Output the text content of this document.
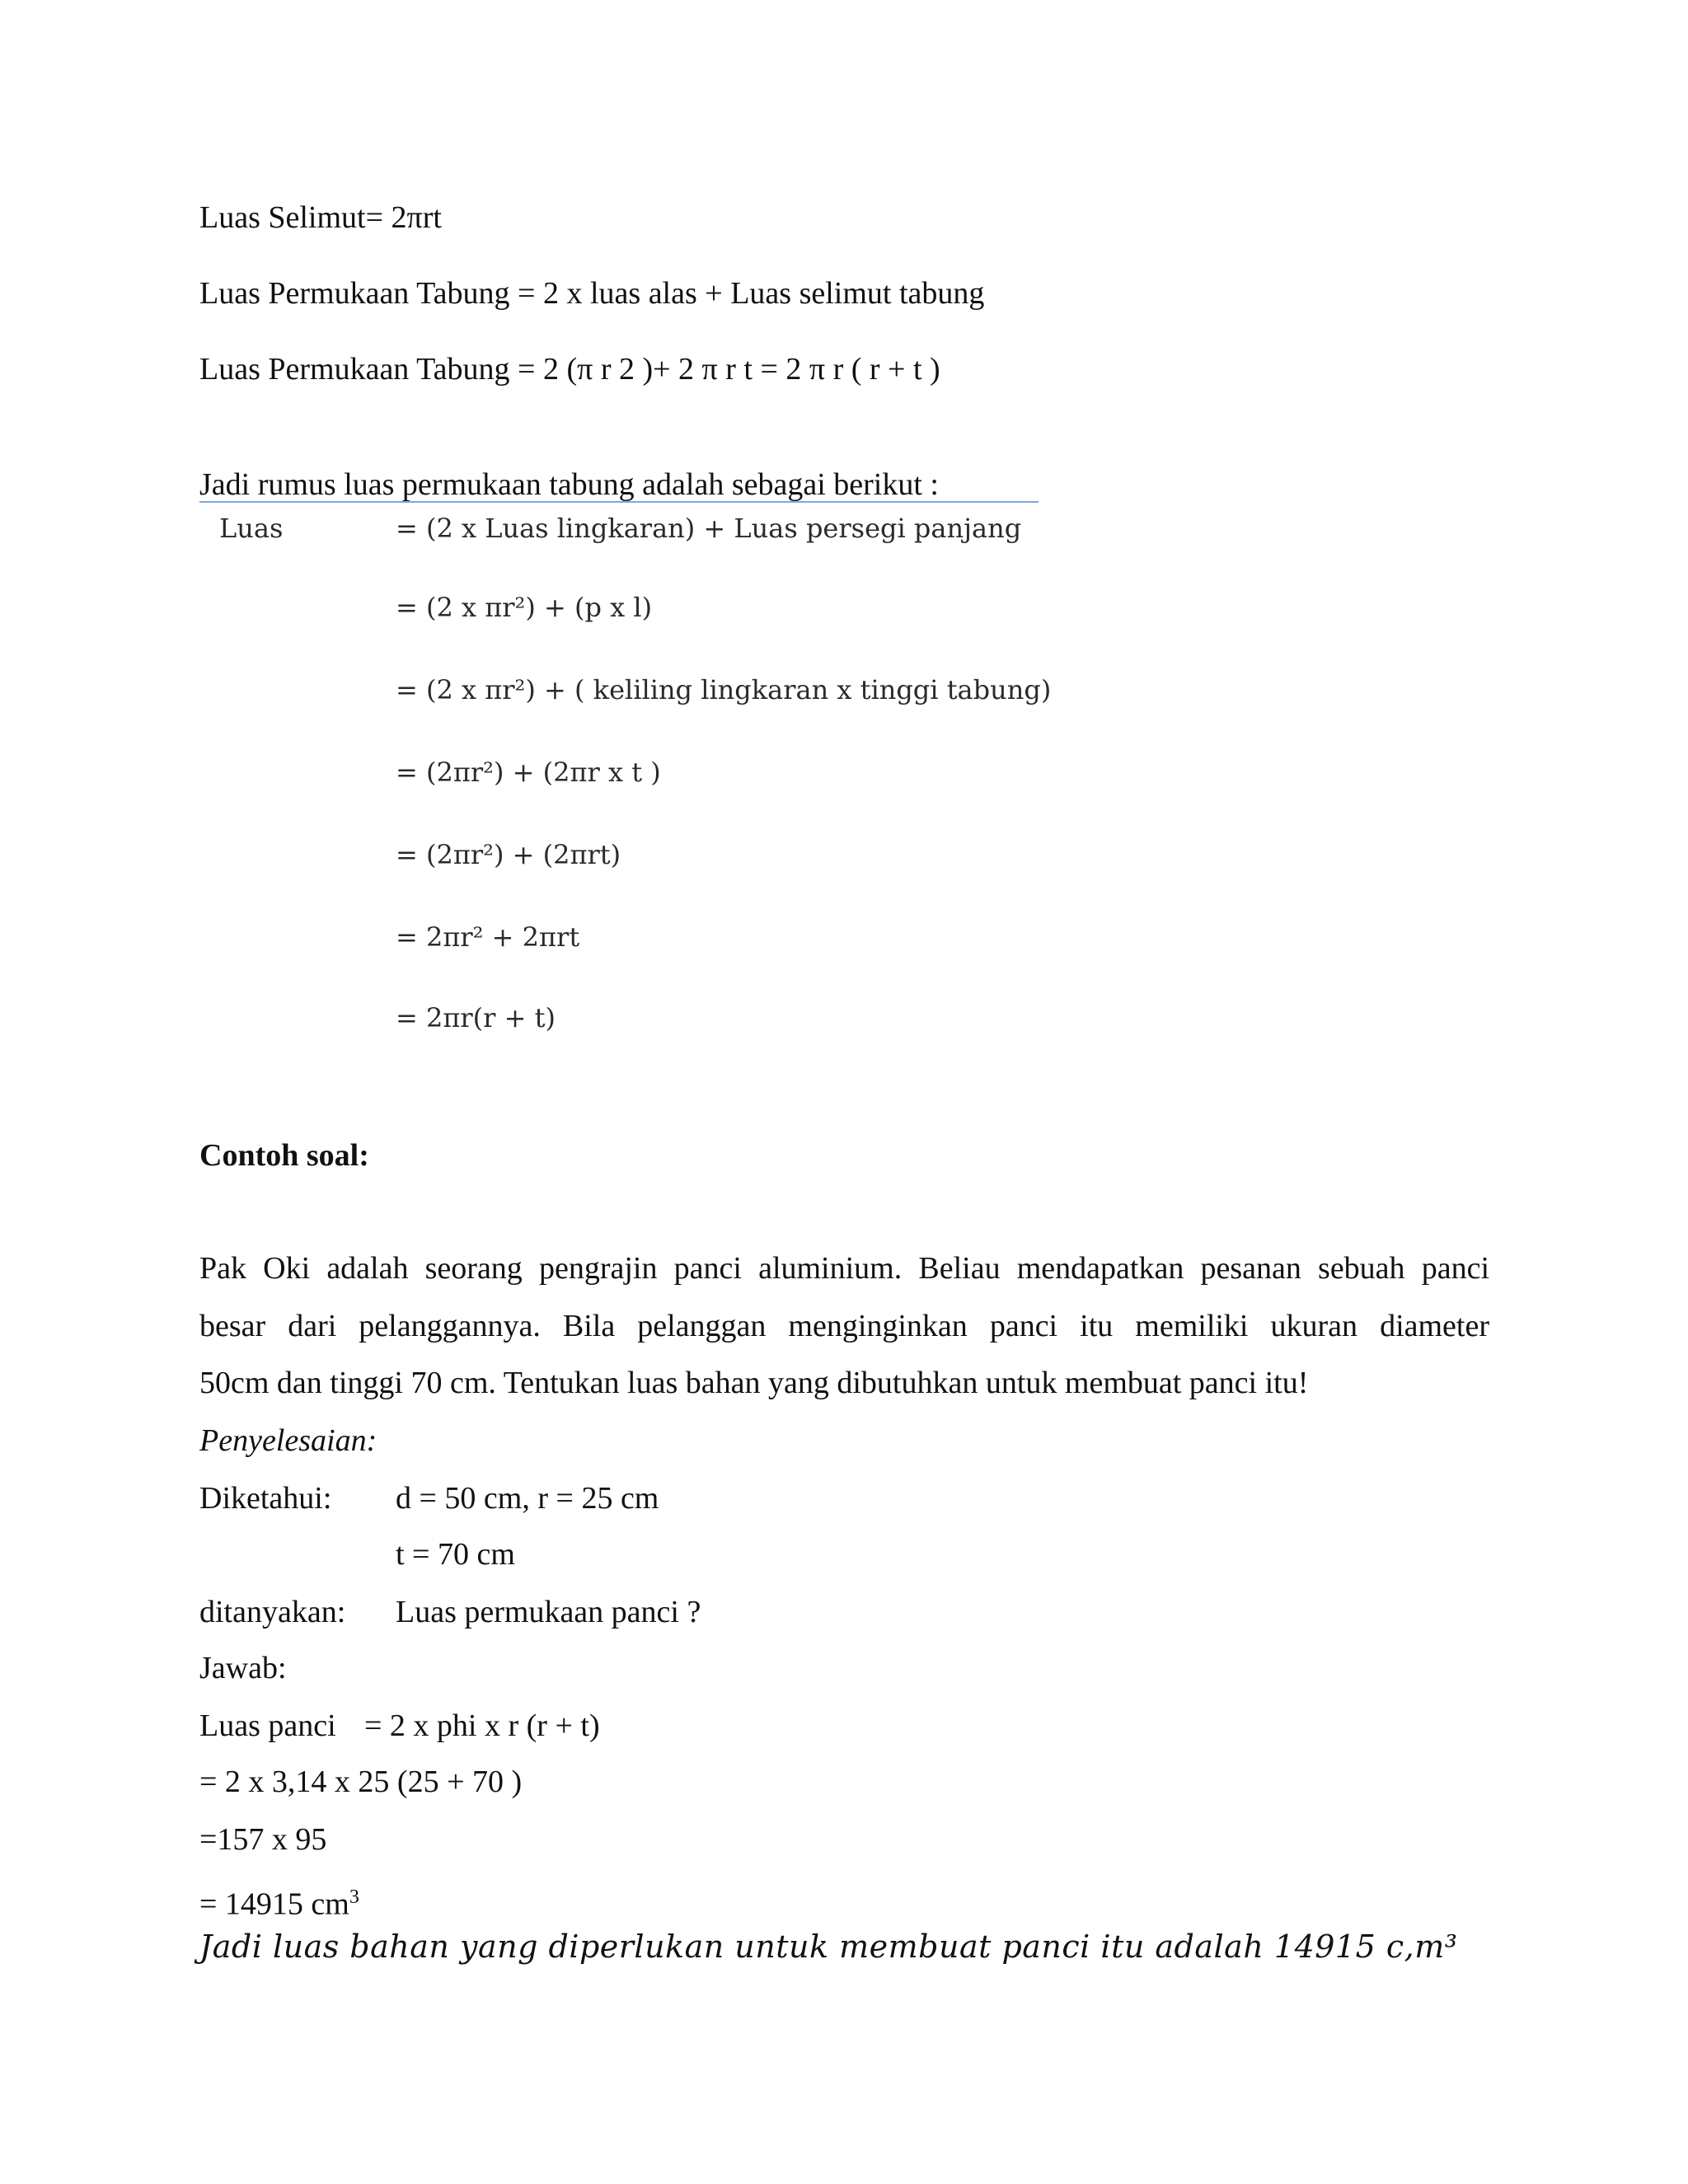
Luas Selimut= 2πrt
Luas Permukaan Tabung = 2 x luas alas + Luas selimut tabung
Luas Permukaan Tabung = 2 (π r 2 )+ 2 π r t = 2 π r ( r + t )
Jadi rumus luas permukaan tabung adalah sebagai berikut :
Luas	= (2 x Luas lingkaran) + Luas persegi panjang
= (2 x πr²) + (p x l)
= (2 x πr²) + ( keliling lingkaran x tinggi tabung)
= (2πr²) + (2πr x t )
= (2πr²) + (2πrt)
= 2πr² + 2πrt
= 2πr(r + t)
Contoh soal:
Pak Oki adalah seorang pengrajin panci aluminium. Beliau mendapatkan pesanan sebuah panci
besar dari pelanggannya. Bila pelanggan menginginkan panci itu memiliki ukuran diameter
50cm dan tinggi 70 cm. Tentukan luas bahan yang dibutuhkan untuk membuat panci itu!
Penyelesaian:
Diketahui: d = 50 cm, r = 25 cm
t = 70 cm
ditanyakan: Luas permukaan panci ?
Jawab:
Luas panci = 2 x phi x r (r + t)
= 2 x 3,14 x 25 (25 + 70 )
=157 x 95
= 14915 $cm^3$
Jadi luas bahan yang diperlukan untuk membuat panci itu adalah 14915 c,m³
